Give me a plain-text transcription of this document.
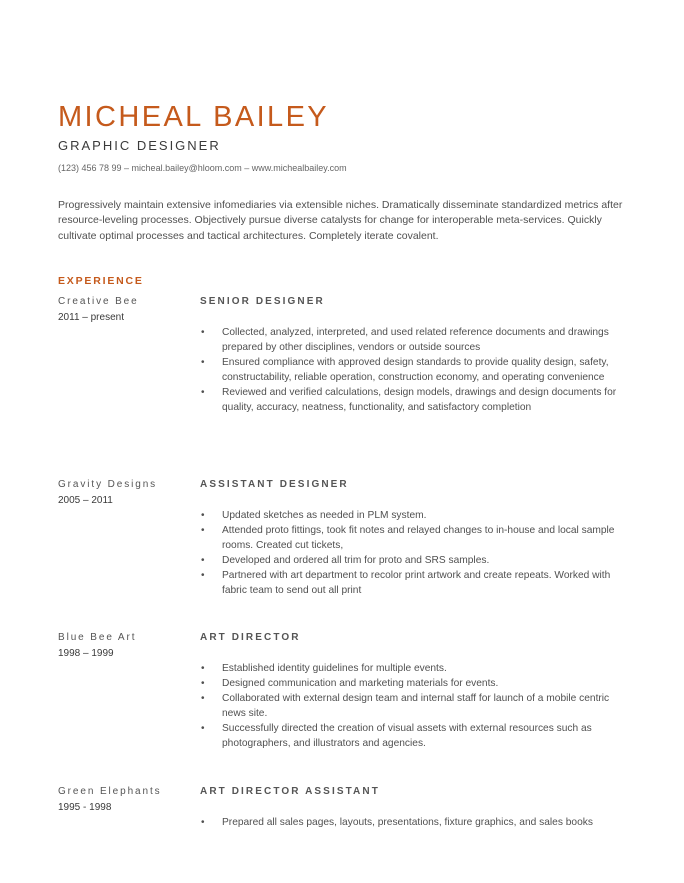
MICHEAL BAILEY
GRAPHIC DESIGNER
(123) 456 78 99 – micheal.bailey@hloom.com – www.michealbailey.com
Progressively maintain extensive infomediaries via extensible niches. Dramatically disseminate standardized metrics after resource-leveling processes. Objectively pursue diverse catalysts for change for interoperable meta-services. Quickly cultivate optimal processes and tactical architectures. Completely iterate covalent.
EXPERIENCE
Creative Bee
2011 – present
SENIOR DESIGNER
• Collected, analyzed, interpreted, and used related reference documents and drawings prepared by other disciplines, vendors or outside sources
• Ensured compliance with approved design standards to provide quality design, safety, constructability, reliable operation, construction economy, and operating convenience
• Reviewed and verified calculations, design models, drawings and design documents for quality, accuracy, neatness, functionality, and satisfactory completion
Gravity Designs
2005 – 2011
ASSISTANT DESIGNER
• Updated sketches as needed in PLM system.
• Attended proto fittings, took fit notes and relayed changes to in-house and local sample rooms. Created cut tickets,
• Developed and ordered all trim for proto and SRS samples.
• Partnered with art department to recolor print artwork and create repeats. Worked with fabric team to send out all print
Blue Bee Art
1998 – 1999
ART DIRECTOR
• Established identity guidelines for multiple events.
• Designed communication and marketing materials for events.
• Collaborated with external design team and internal staff for launch of a mobile centric news site.
• Successfully directed the creation of visual assets with external resources such as photographers, and illustrators and agencies.
Green Elephants
1995 - 1998
ART DIRECTOR ASSISTANT
• Prepared all sales pages, layouts, presentations, fixture graphics, and sales books
